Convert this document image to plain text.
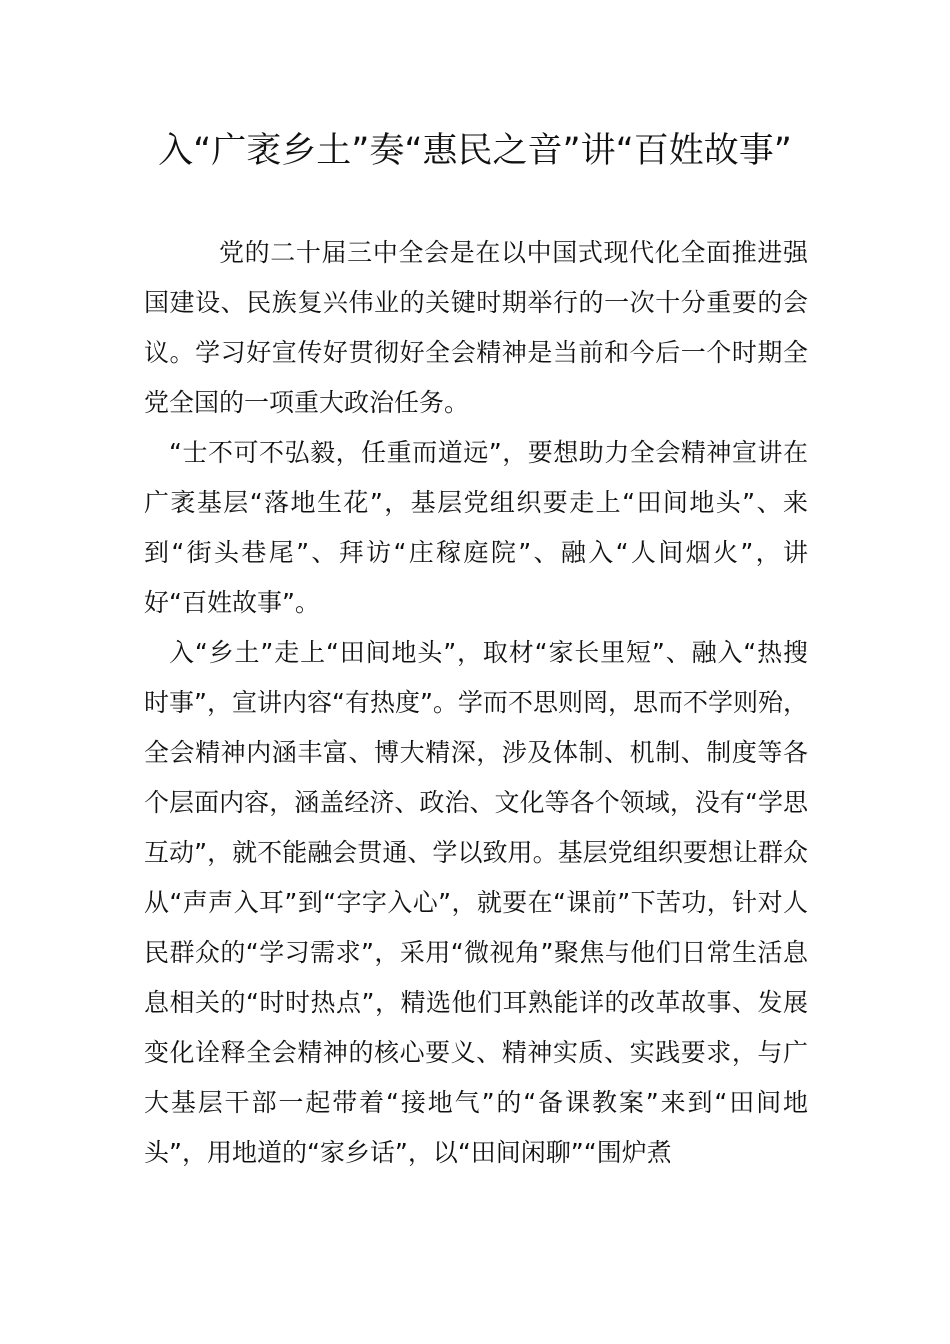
入“广袤乡土”奏“惠民之音”讲“百姓故事”

党的二十届三中全会是在以中国式现代化全面推进强国建设、民族复兴伟业的关键时期举行的一次十分重要的会议。学习好宣传好贯彻好全会精神是当前和今后一个时期全党全国的一项重大政治任务。

“士不可不弘毅，任重而道远”，要想助力全会精神宣讲在广袤基层“落地生花”，基层党组织要走上“田间地头”、来到“街头巷尾”、拜访“庄稼庭院”、融入“人间烟火”，讲好“百姓故事”。

入“乡土”走上“田间地头”，取材“家长里短”、融入“热搜时事”，宣讲内容“有热度”。学而不思则罔，思而不学则殆，全会精神内涵丰富、博大精深，涉及体制、机制、制度等各个层面内容，涵盖经济、政治、文化等各个领域，没有“学思互动”，就不能融会贯通、学以致用。基层党组织要想让群众从“声声入耳”到“字字入心”，就要在“课前”下苦功，针对人民群众的“学习需求”，采用“微视角”聚焦与他们日常生活息息相关的“时时热点”，精选他们耳熟能详的改革故事、发展变化诠释全会精神的核心要义、精神实质、实践要求，与广大基层干部一起带着“接地气”的“备课教案”来到“田间地头”，用地道的“家乡话”，以“田间闲聊”“围炉煮
